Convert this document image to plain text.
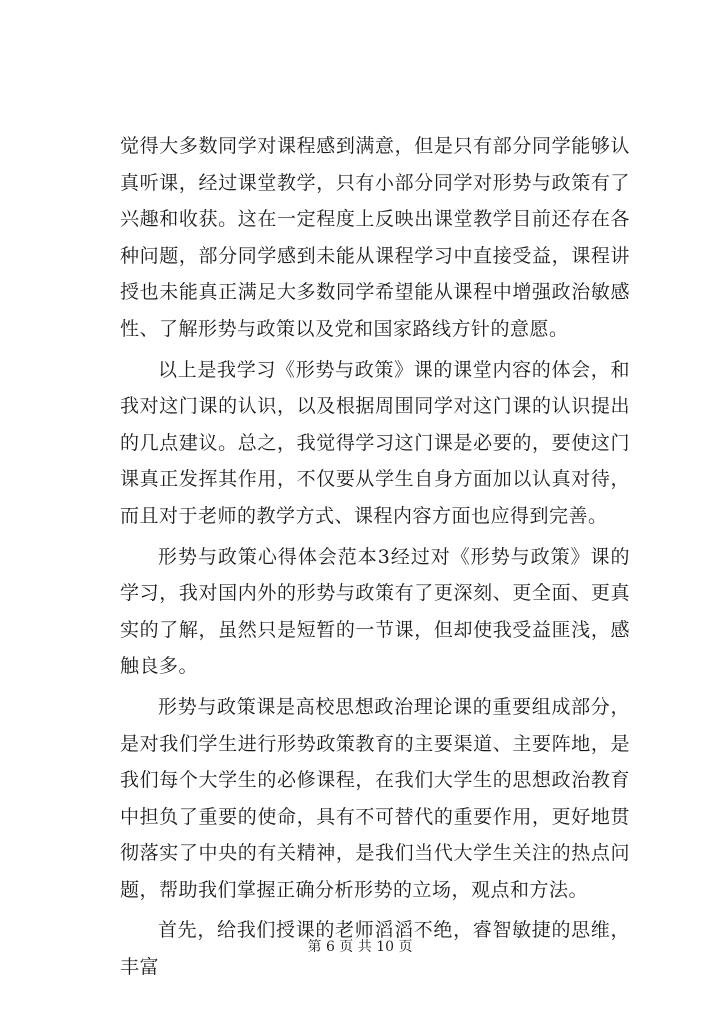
觉得大多数同学对课程感到满意，但是只有部分同学能够认真听课，经过课堂教学，只有小部分同学对形势与政策有了兴趣和收获。这在一定程度上反映出课堂教学目前还存在各种问题，部分同学感到未能从课程学习中直接受益，课程讲授也未能真正满足大多数同学希望能从课程中增强政治敏感性、了解形势与政策以及党和国家路线方针的意愿。

以上是我学习《形势与政策》课的课堂内容的体会，和我对这门课的认识，以及根据周围同学对这门课的认识提出的几点建议。总之，我觉得学习这门课是必要的，要使这门课真正发挥其作用，不仅要从学生自身方面加以认真对待，而且对于老师的教学方式、课程内容方面也应得到完善。

形势与政策心得体会范本3经过对《形势与政策》课的学习，我对国内外的形势与政策有了更深刻、更全面、更真实的了解，虽然只是短暂的一节课，但却使我受益匪浅，感触良多。

形势与政策课是高校思想政治理论课的重要组成部分，是对我们学生进行形势政策教育的主要渠道、主要阵地，是我们每个大学生的必修课程，在我们大学生的思想政治教育中担负了重要的使命，具有不可替代的重要作用，更好地贯彻落实了中央的有关精神，是我们当代大学生关注的热点问题，帮助我们掌握正确分析形势的立场，观点和方法。

首先，给我们授课的老师滔滔不绝，睿智敏捷的思维，丰富

第 6 页 共 10 页
